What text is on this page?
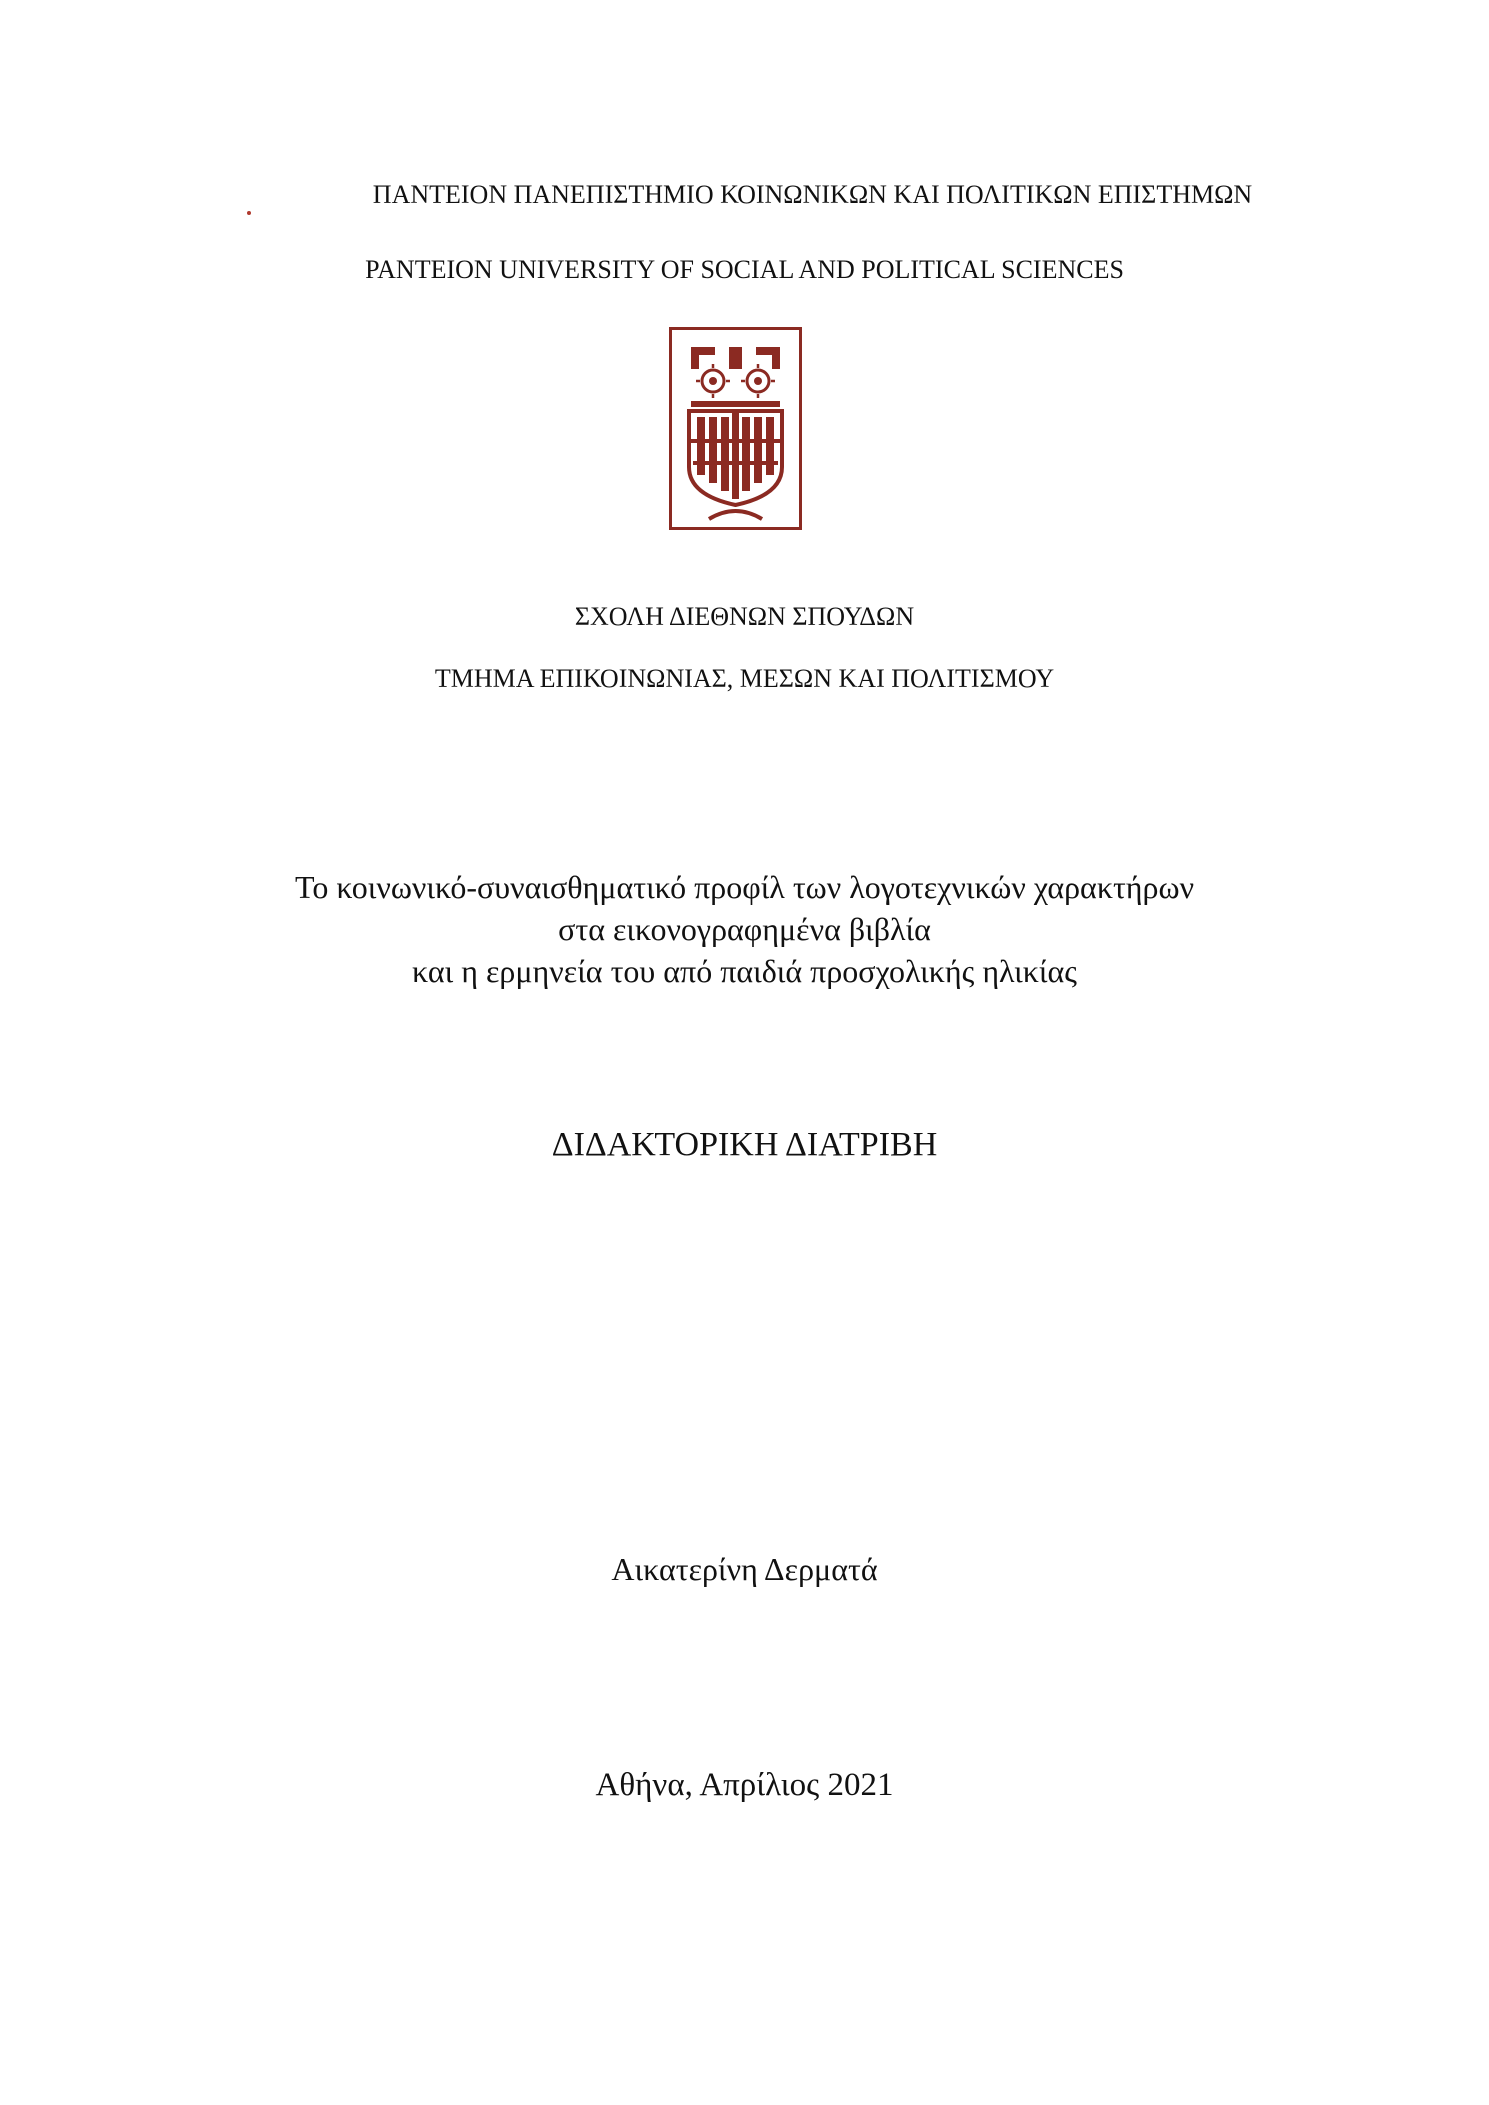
ΠΑΝΤΕΙΟΝ ΠΑΝΕΠΙΣΤΗΜΙΟ ΚΟΙΝΩΝΙΚΩΝ ΚΑΙ ΠΟΛΙΤΙΚΩΝ ΕΠΙΣΤΗΜΩΝ
PANTEION UNIVERSITY OF SOCIAL AND POLITICAL SCIENCES
ΣΧΟΛΗ ΔΙΕΘΝΩΝ ΣΠΟΥΔΩΝ
ΤΜΗΜΑ ΕΠΙΚΟΙΝΩΝΙΑΣ, ΜΕΣΩΝ ΚΑΙ ΠΟΛΙΤΙΣΜΟΥ
Το κοινωνικό-συναισθηματικό προφίλ των λογοτεχνικών χαρακτήρων
στα εικονογραφημένα βιβλία
και η ερμηνεία του από παιδιά προσχολικής ηλικίας
ΔΙΔΑΚΤΟΡΙΚΗ ΔΙΑΤΡΙΒΗ
Αικατερίνη Δερματά
Αθήνα, Απρίλιος 2021
